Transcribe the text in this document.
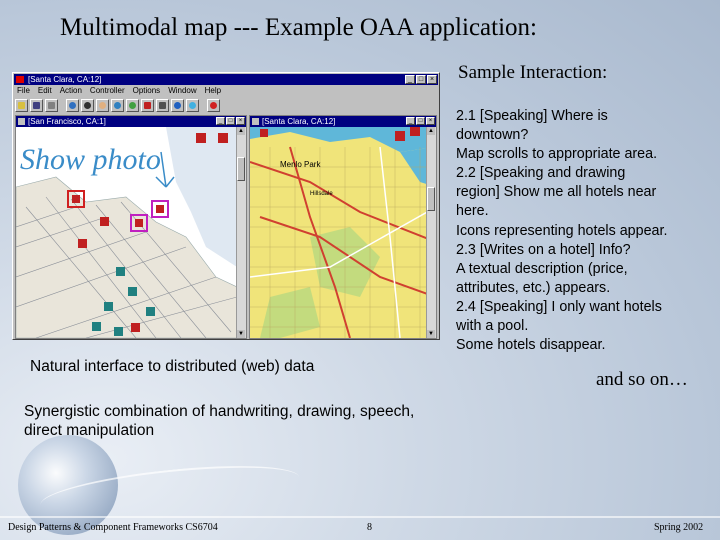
Multimodal map --- Example OAA application:
Sample Interaction:
[Santa Clara, CA:12]	_ □ ×
File Edit Action Controller Options Window Help
[San Francisco, CA:1]	_	□	×
Show photo
▲
▼
[Santa Clara, CA:12]	_	□	×
Menlo Park
Hillsdale
▲
▼
2.1 [Speaking] Where is
downtown?
Map scrolls to appropriate area.
2.2 [Speaking and drawing
region] Show me all hotels near
here.
Icons representing hotels appear.
2.3 [Writes on a hotel] Info?
A textual description (price,
attributes, etc.) appears.
2.4 [Speaking] I only want hotels
with a pool.
Some hotels disappear.
Natural interface to distributed (web) data
and so on…
Synergistic combination of handwriting, drawing, speech, direct manipulation
Design Patterns & Component Frameworks CS6704	8	Spring 2002
